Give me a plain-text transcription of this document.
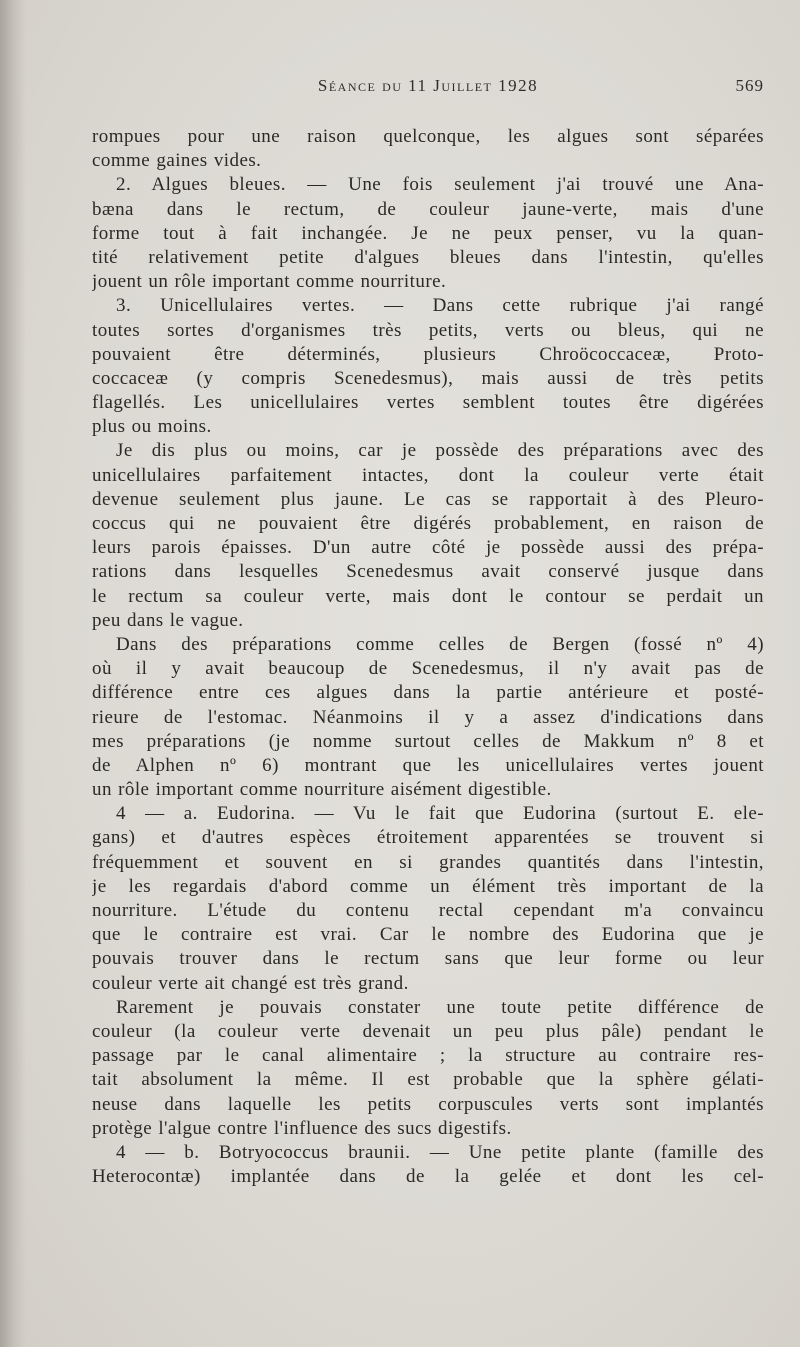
Séance du 11 Juillet 1928	569
rompues pour une raison quelconque, les algues sont séparées
comme gaines vides.
2. Algues bleues. — Une fois seulement j'ai trouvé une Ana-
bæna dans le rectum, de couleur jaune-verte, mais d'une
forme tout à fait inchangée. Je ne peux penser, vu la quan-
tité relativement petite d'algues bleues dans l'intestin, qu'elles
jouent un rôle important comme nourriture.
3. Unicellulaires vertes. — Dans cette rubrique j'ai rangé
toutes sortes d'organismes très petits, verts ou bleus, qui ne
pouvaient être déterminés, plusieurs Chroöcoccaceæ, Proto-
coccaceæ (y compris Scenedesmus), mais aussi de très petits
flagellés. Les unicellulaires vertes semblent toutes être digérées
plus ou moins.
Je dis plus ou moins, car je possède des préparations avec des
unicellulaires parfaitement intactes, dont la couleur verte était
devenue seulement plus jaune. Le cas se rapportait à des Pleuro-
coccus qui ne pouvaient être digérés probablement, en raison de
leurs parois épaisses. D'un autre côté je possède aussi des prépa-
rations dans lesquelles Scenedesmus avait conservé jusque dans
le rectum sa couleur verte, mais dont le contour se perdait un
peu dans le vague.
Dans des préparations comme celles de Bergen (fossé nº 4)
où il y avait beaucoup de Scenedesmus, il n'y avait pas de
différence entre ces algues dans la partie antérieure et posté-
rieure de l'estomac. Néanmoins il y a assez d'indications dans
mes préparations (je nomme surtout celles de Makkum nº 8 et
de Alphen nº 6) montrant que les unicellulaires vertes jouent
un rôle important comme nourriture aisément digestible.
4 — a. Eudorina. — Vu le fait que Eudorina (surtout E. ele-
gans) et d'autres espèces étroitement apparentées se trouvent si
fréquemment et souvent en si grandes quantités dans l'intestin,
je les regardais d'abord comme un élément très important de la
nourriture. L'étude du contenu rectal cependant m'a convaincu
que le contraire est vrai. Car le nombre des Eudorina que je
pouvais trouver dans le rectum sans que leur forme ou leur
couleur verte ait changé est très grand.
Rarement je pouvais constater une toute petite différence de
couleur (la couleur verte devenait un peu plus pâle) pendant le
passage par le canal alimentaire ; la structure au contraire res-
tait absolument la même. Il est probable que la sphère gélati-
neuse dans laquelle les petits corpuscules verts sont implantés
protège l'algue contre l'influence des sucs digestifs.
4 — b. Botryococcus braunii. — Une petite plante (famille des
Heterocontæ) implantée dans de la gelée et dont les cel-
